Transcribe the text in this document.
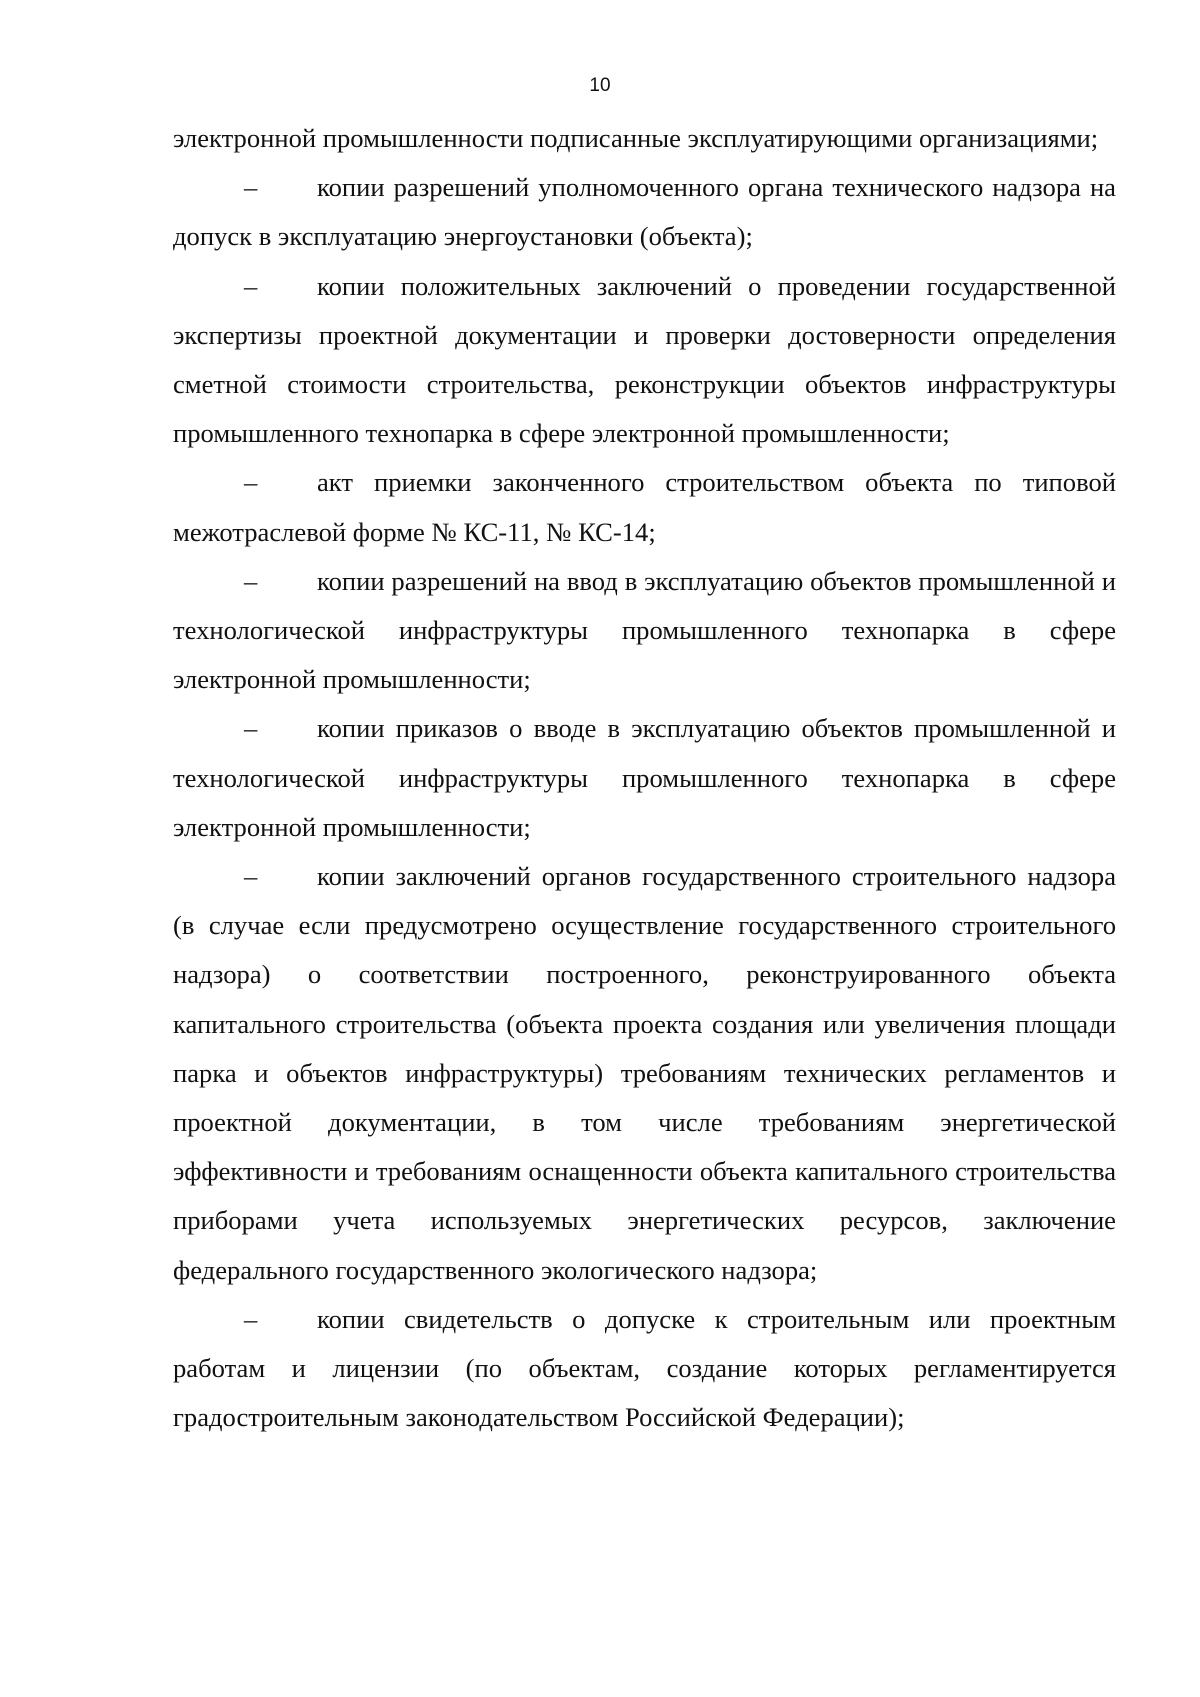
10

электронной промышленности подписанные эксплуатирующими организациями;

– копии разрешений уполномоченного органа технического надзора на допуск в эксплуатацию энергоустановки (объекта);

– копии положительных заключений о проведении государственной экспертизы проектной документации и проверки достоверности определения сметной стоимости строительства, реконструкции объектов инфраструктуры промышленного технопарка в сфере электронной промышленности;

– акт приемки законченного строительством объекта по типовой межотраслевой форме № КС-11, № КС-14;

– копии разрешений на ввод в эксплуатацию объектов промышленной и технологической инфраструктуры промышленного технопарка в сфере электронной промышленности;

– копии приказов о вводе в эксплуатацию объектов промышленной и технологической инфраструктуры промышленного технопарка в сфере электронной промышленности;

– копии заключений органов государственного строительного надзора (в случае если предусмотрено осуществление государственного строительного надзора) о соответствии построенного, реконструированного объекта капитального строительства (объекта проекта создания или увеличения площади парка и объектов инфраструктуры) требованиям технических регламентов и проектной документации, в том числе требованиям энергетической эффективности и требованиям оснащенности объекта капитального строительства приборами учета используемых энергетических ресурсов, заключение федерального государственного экологического надзора;

– копии свидетельств о допуске к строительным или проектным работам и лицензии (по объектам, создание которых регламентируется градостроительным законодательством Российской Федерации);
